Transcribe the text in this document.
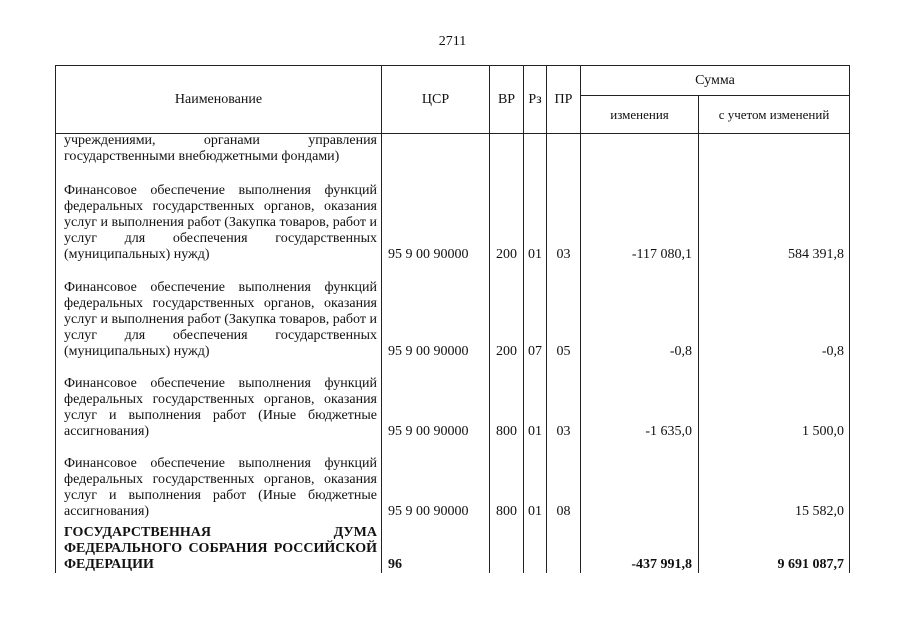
2711
Наименование	ЦСР	ВР	Рз	ПР	Сумма	
					изменения	с учетом изменений

учреждениями, органами управления государственными внебюджетными фондами)						

Финансовое обеспечение выполнения функций федеральных государственных органов, оказания услуг и выполнения работ (Закупка товаров, работ и услуг для обеспечения государственных (муниципальных) нужд)	95 9 00 90000	200	01	03	-117 080,1	584 391,8

Финансовое обеспечение выполнения функций федеральных государственных органов, оказания услуг и выполнения работ (Закупка товаров, работ и услуг для обеспечения государственных (муниципальных) нужд)	95 9 00 90000	200	07	05	-0,8	-0,8

Финансовое обеспечение выполнения функций федеральных государственных органов, оказания услуг и выполнения работ (Иные бюджетные ассигнования)	95 9 00 90000	800	01	03	-1 635,0	1 500,0

Финансовое обеспечение выполнения функций федеральных государственных органов, оказания услуг и выполнения работ (Иные бюджетные ассигнования)	95 9 00 90000	800	01	08		15 582,0

ГОСУДАРСТВЕННАЯ ДУМА ФЕДЕРАЛЬНОГО СОБРАНИЯ РОССИЙСКОЙ ФЕДЕРАЦИИ	96				-437 991,8	9 691 087,7
